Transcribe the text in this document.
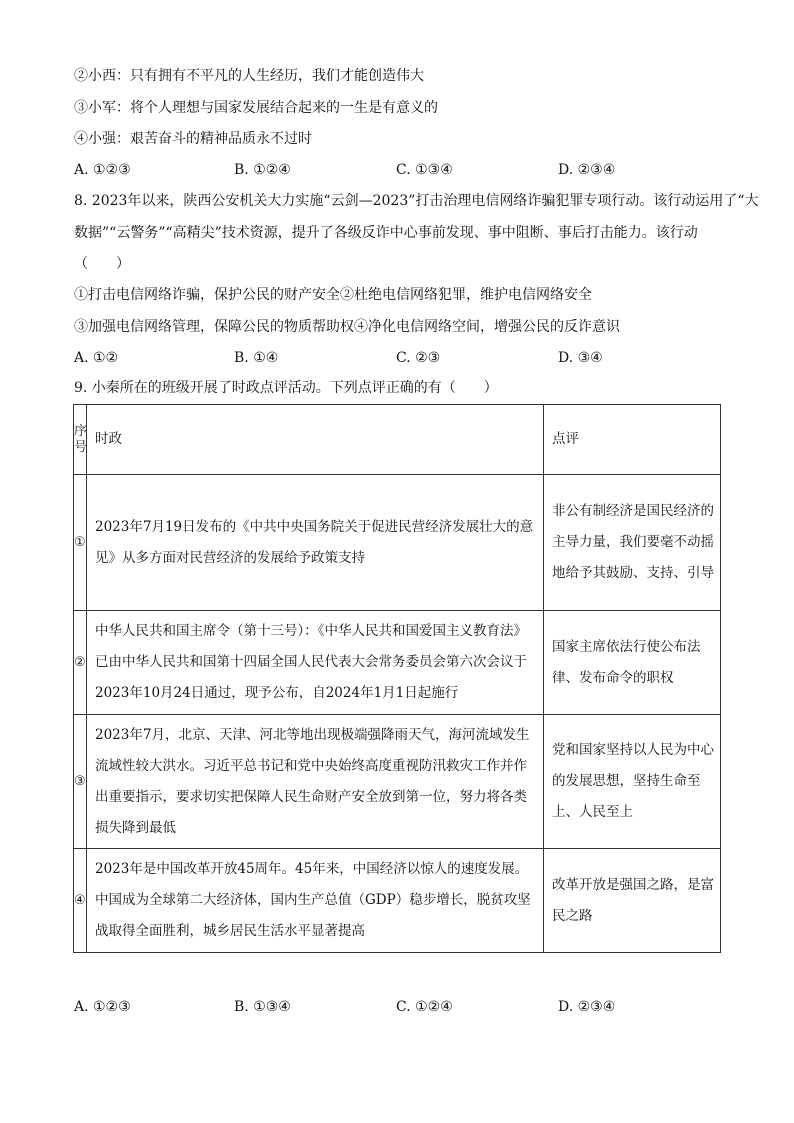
②小西：只有拥有不平凡的人生经历，我们才能创造伟大
③小军：将个人理想与国家发展结合起来的一生是有意义的
④小强：艰苦奋斗的精神品质永不过时
A. ①②③	B. ①②④	C. ①③④	D. ②③④
8. 2023年以来，陕西公安机关大力实施“云剑—2023”打击治理电信网络诈骗犯罪专项行动。该行动运用了“大
数据”“云警务”“高精尖”技术资源，提升了各级反诈中心事前发现、事中阻断、事后打击能力。该行动
（　　）
①打击电信网络诈骗，保护公民的财产安全②杜绝电信网络犯罪，维护电信网络安全
③加强电信网络管理，保障公民的物质帮助权④净化电信网络空间，增强公民的反诈意识
A. ①②	B. ①④	C. ②③	D. ③④
9. 小秦所在的班级开展了时政点评活动。下列点评正确的有（　　）
序号	时政	点评
①	2023年7月19日发布的《中共中央国务院关于促进民营经济发展壮大的意见》从多方面对民营经济的发展给予政策支持	非公有制经济是国民经济的主导力量，我们要毫不动摇地给予其鼓励、支持、引导
②	中华人民共和国主席令（第十三号）：《中华人民共和国爱国主义教育法》已由中华人民共和国第十四届全国人民代表大会常务委员会第六次会议于2023年10月24日通过，现予公布，自2024年1月1日起施行	国家主席依法行使公布法律、发布命令的职权
③	2023年7月，北京、天津、河北等地出现极端强降雨天气，海河流域发生流域性较大洪水。习近平总书记和党中央始终高度重视防汛救灾工作并作出重要指示，要求切实把保障人民生命财产安全放到第一位，努力将各类损失降到最低	党和国家坚持以人民为中心的发展思想，坚持生命至上、人民至上
④	2023年是中国改革开放45周年。45年来，中国经济以惊人的速度发展。中国成为全球第二大经济体，国内生产总值（GDP）稳步增长，脱贫攻坚战取得全面胜利，城乡居民生活水平显著提高	改革开放是强国之路，是富民之路
A. ①②③	B. ①③④	C. ①②④	D. ②③④
